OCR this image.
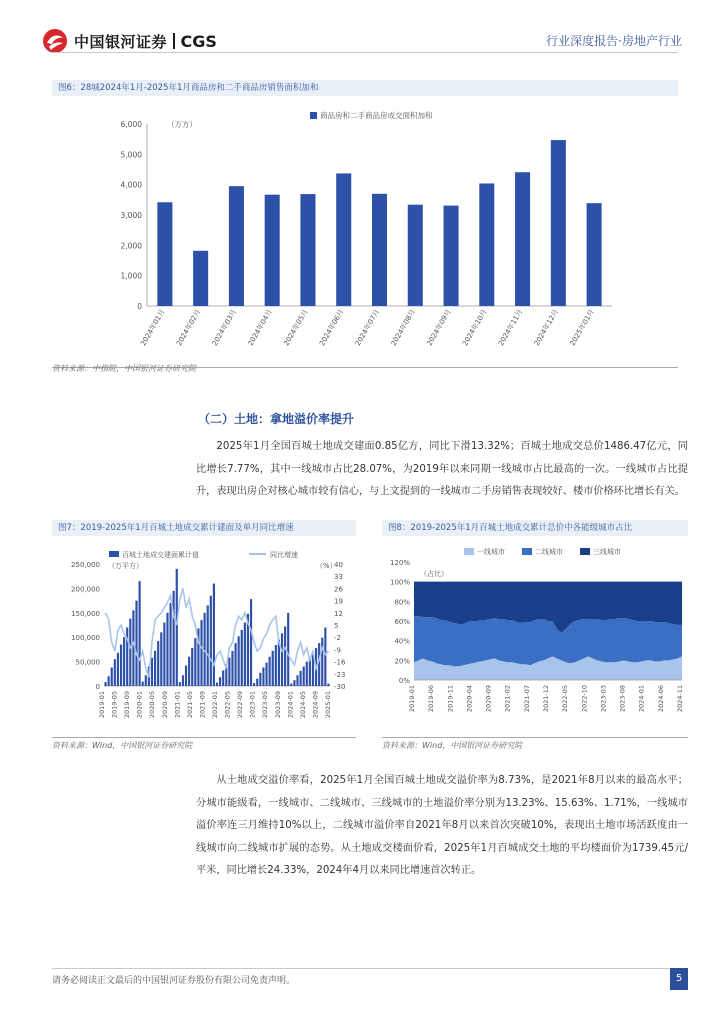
中国银河证券 CGS	行业深度报告·房地产行业
图6：28城2024年1月-2025年1月商品房和二手商品房销售面积加和
0
1,000
2,000
3,000
4,000
5,000
6,000	（万方）
商品房和二手商品房成交面积加和
2024年01月 2024年02月 2024年03月 2024年04月 2024年05月 2024年06月 2024年07月 2024年08月 2024年09月 2024年10月 2024年11月 2024年12月 2025年01月
资料来源：中指院，中国银河证券研究院
（二）土地：拿地溢价率提升
2025年1月全国百城土地成交建面0.85亿方，同比下滑13.32%；百城土地成交总价1486.47亿元，同比增长7.77%，其中一线城市占比28.07%，为2019年以来同期一线城市占比最高的一次。一线城市占比提升，表现出房企对核心城市较有信心，与上文提到的一线城市二手房销售表现较好、楼市价格环比增长有关。
图7：2019-2025年1月百城土地成交累计建面及单月同比增速
0
50,000
100,000
150,000
200,000
250,000	40
33
26
19
12
5
-2
-9
-16
-23
-30
（万平方）	（%）
百城土地成交建面累计值	同比增速
2019-01 2019-05 2019-09 2020-01 2020-05 2020-09 2021-01 2021-05 2021-09 2022-01 2022-05 2022-09 2023-01 2023-05 2023-09 2024-01 2024-05 2024-09 2025-01
资料来源：Wind，中国银河证券研究院
图8：2019-2025年1月百城土地成交累计总价中各能级城市占比
0%
20%
40%
60%
80%
100%
120%
（占比）
一线城市	二线城市	三线城市
2019-01 2019-06 2019-11 2020-04 2020-09 2021-02 2021-07 2021-12 2022-05 2022-10 2023-03 2023-08 2024-01 2024-06 2024-11
资料来源：Wind，中国银河证券研究院
从土地成交溢价率看，2025年1月全国百城土地成交溢价率为8.73%，是2021年8月以来的最高水平；分城市能级看，一线城市、二线城市、三线城市的土地溢价率分别为13.23%、15.63%、1.71%，一线城市溢价率连三月维持10%以上，二线城市溢价率自2021年8月以来首次突破10%，表现出土地市场活跃度由一线城市向二线城市扩展的态势。从土地成交楼面价看，2025年1月百城成交土地的平均楼面价为1739.45元/平米，同比增长24.33%，2024年4月以来同比增速首次转正。
请务必阅读正文最后的中国银河证券股份有限公司免责声明。	5
